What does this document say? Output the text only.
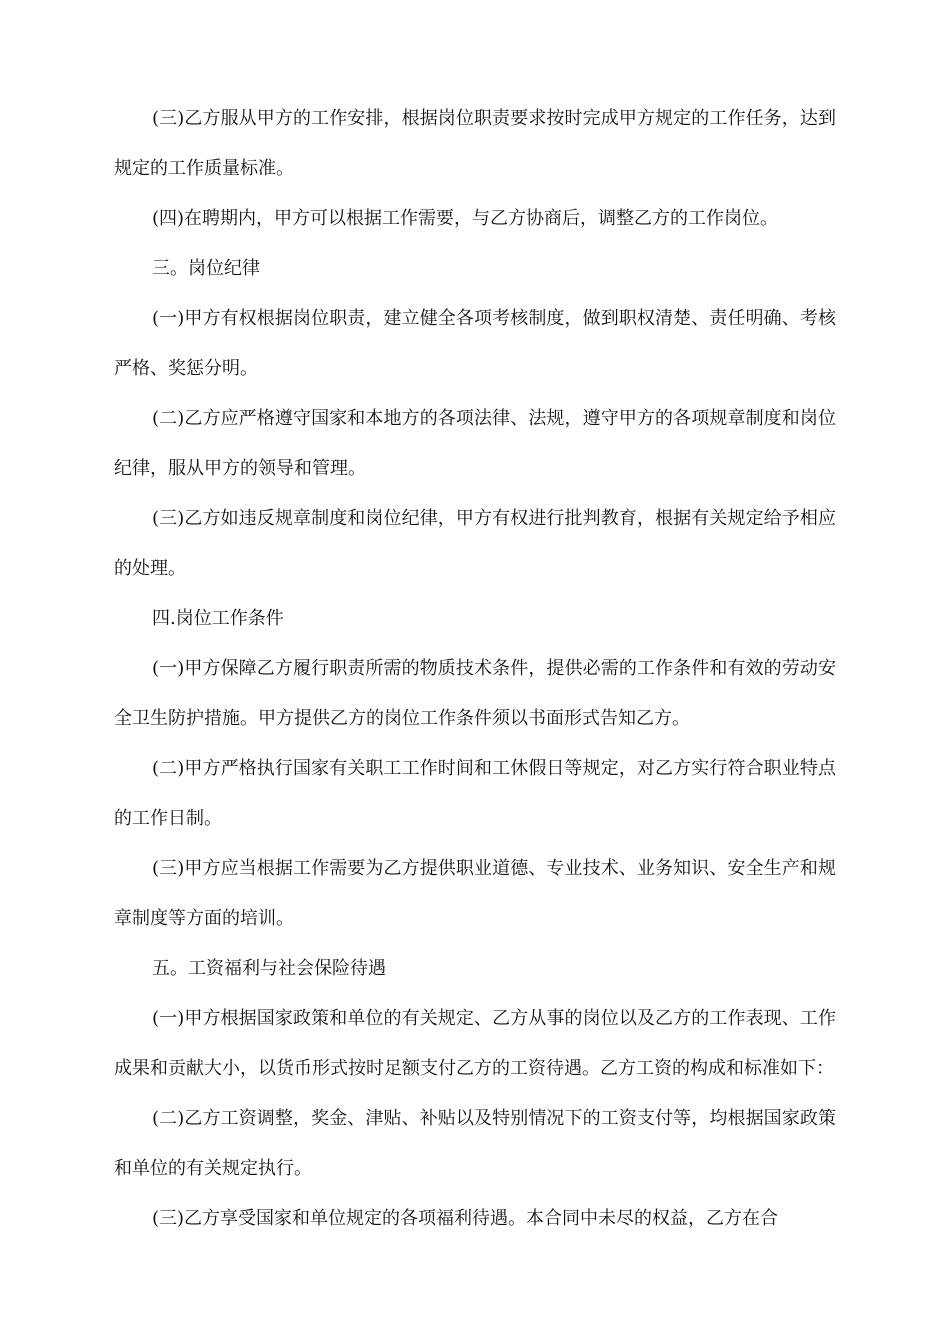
(三)乙方服从甲方的工作安排，根据岗位职责要求按时完成甲方规定的工作任务，达到规定的工作质量标准。

(四)在聘期内，甲方可以根据工作需要，与乙方协商后，调整乙方的工作岗位。

三。岗位纪律

(一)甲方有权根据岗位职责，建立健全各项考核制度，做到职权清楚、责任明确、考核严格、奖惩分明。

(二)乙方应严格遵守国家和本地方的各项法律、法规，遵守甲方的各项规章制度和岗位纪律，服从甲方的领导和管理。

(三)乙方如违反规章制度和岗位纪律，甲方有权进行批判教育，根据有关规定给予相应的处理。

四.岗位工作条件

(一)甲方保障乙方履行职责所需的物质技术条件，提供必需的工作条件和有效的劳动安全卫生防护措施。甲方提供乙方的岗位工作条件须以书面形式告知乙方。

(二)甲方严格执行国家有关职工工作时间和工休假日等规定，对乙方实行符合职业特点的工作日制。

(三)甲方应当根据工作需要为乙方提供职业道德、专业技术、业务知识、安全生产和规章制度等方面的培训。

五。工资福利与社会保险待遇

(一)甲方根据国家政策和单位的有关规定、乙方从事的岗位以及乙方的工作表现、工作成果和贡献大小，以货币形式按时足额支付乙方的工资待遇。乙方工资的构成和标准如下：

(二)乙方工资调整，奖金、津贴、补贴以及特别情况下的工资支付等，均根据国家政策和单位的有关规定执行。

(三)乙方享受国家和单位规定的各项福利待遇。本合同中未尽的权益，乙方在合
